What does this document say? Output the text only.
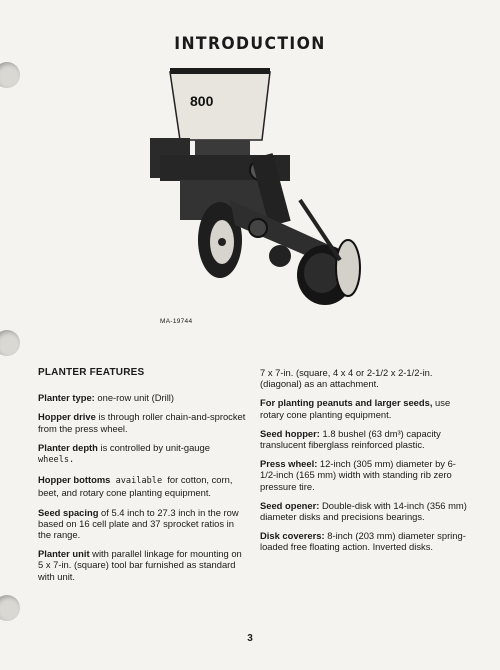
INTRODUCTION
800
MA-19744
PLANTER FEATURES

Planter type: one-row unit (Drill)

Hopper drive is through roller chain-and-sprocket from the press wheel.

Planter depth is controlled by unit-gauge wheels.

Hopper bottoms available for cotton, corn, beet, and rotary cone planting equipment.

Seed spacing of 5.4 inch to 27.3 inch in the row based on 16 cell plate and 37 sprocket ratios in the range.

Planter unit with parallel linkage for mounting on 5 x 7-in. (square) tool bar furnished as standard with unit.

7 x 7-in. (square, 4 x 4 or 2-1/2 x 2-1/2-in. (diagonal) as an attachment.

For planting peanuts and larger seeds, use rotary cone planting equipment.

Seed hopper: 1.8 bushel (63 dm³) capacity translucent fiberglass reinforced plastic.

Press wheel: 12-inch (305 mm) diameter by 6-1/2-inch (165 mm) width with standing rib zero pressure tire.

Seed opener: Double-disk with 14-inch (356 mm) diameter disks and precisions bearings.

Disk coverers: 8-inch (203 mm) diameter spring-loaded free floating action. Inverted disks.

3
